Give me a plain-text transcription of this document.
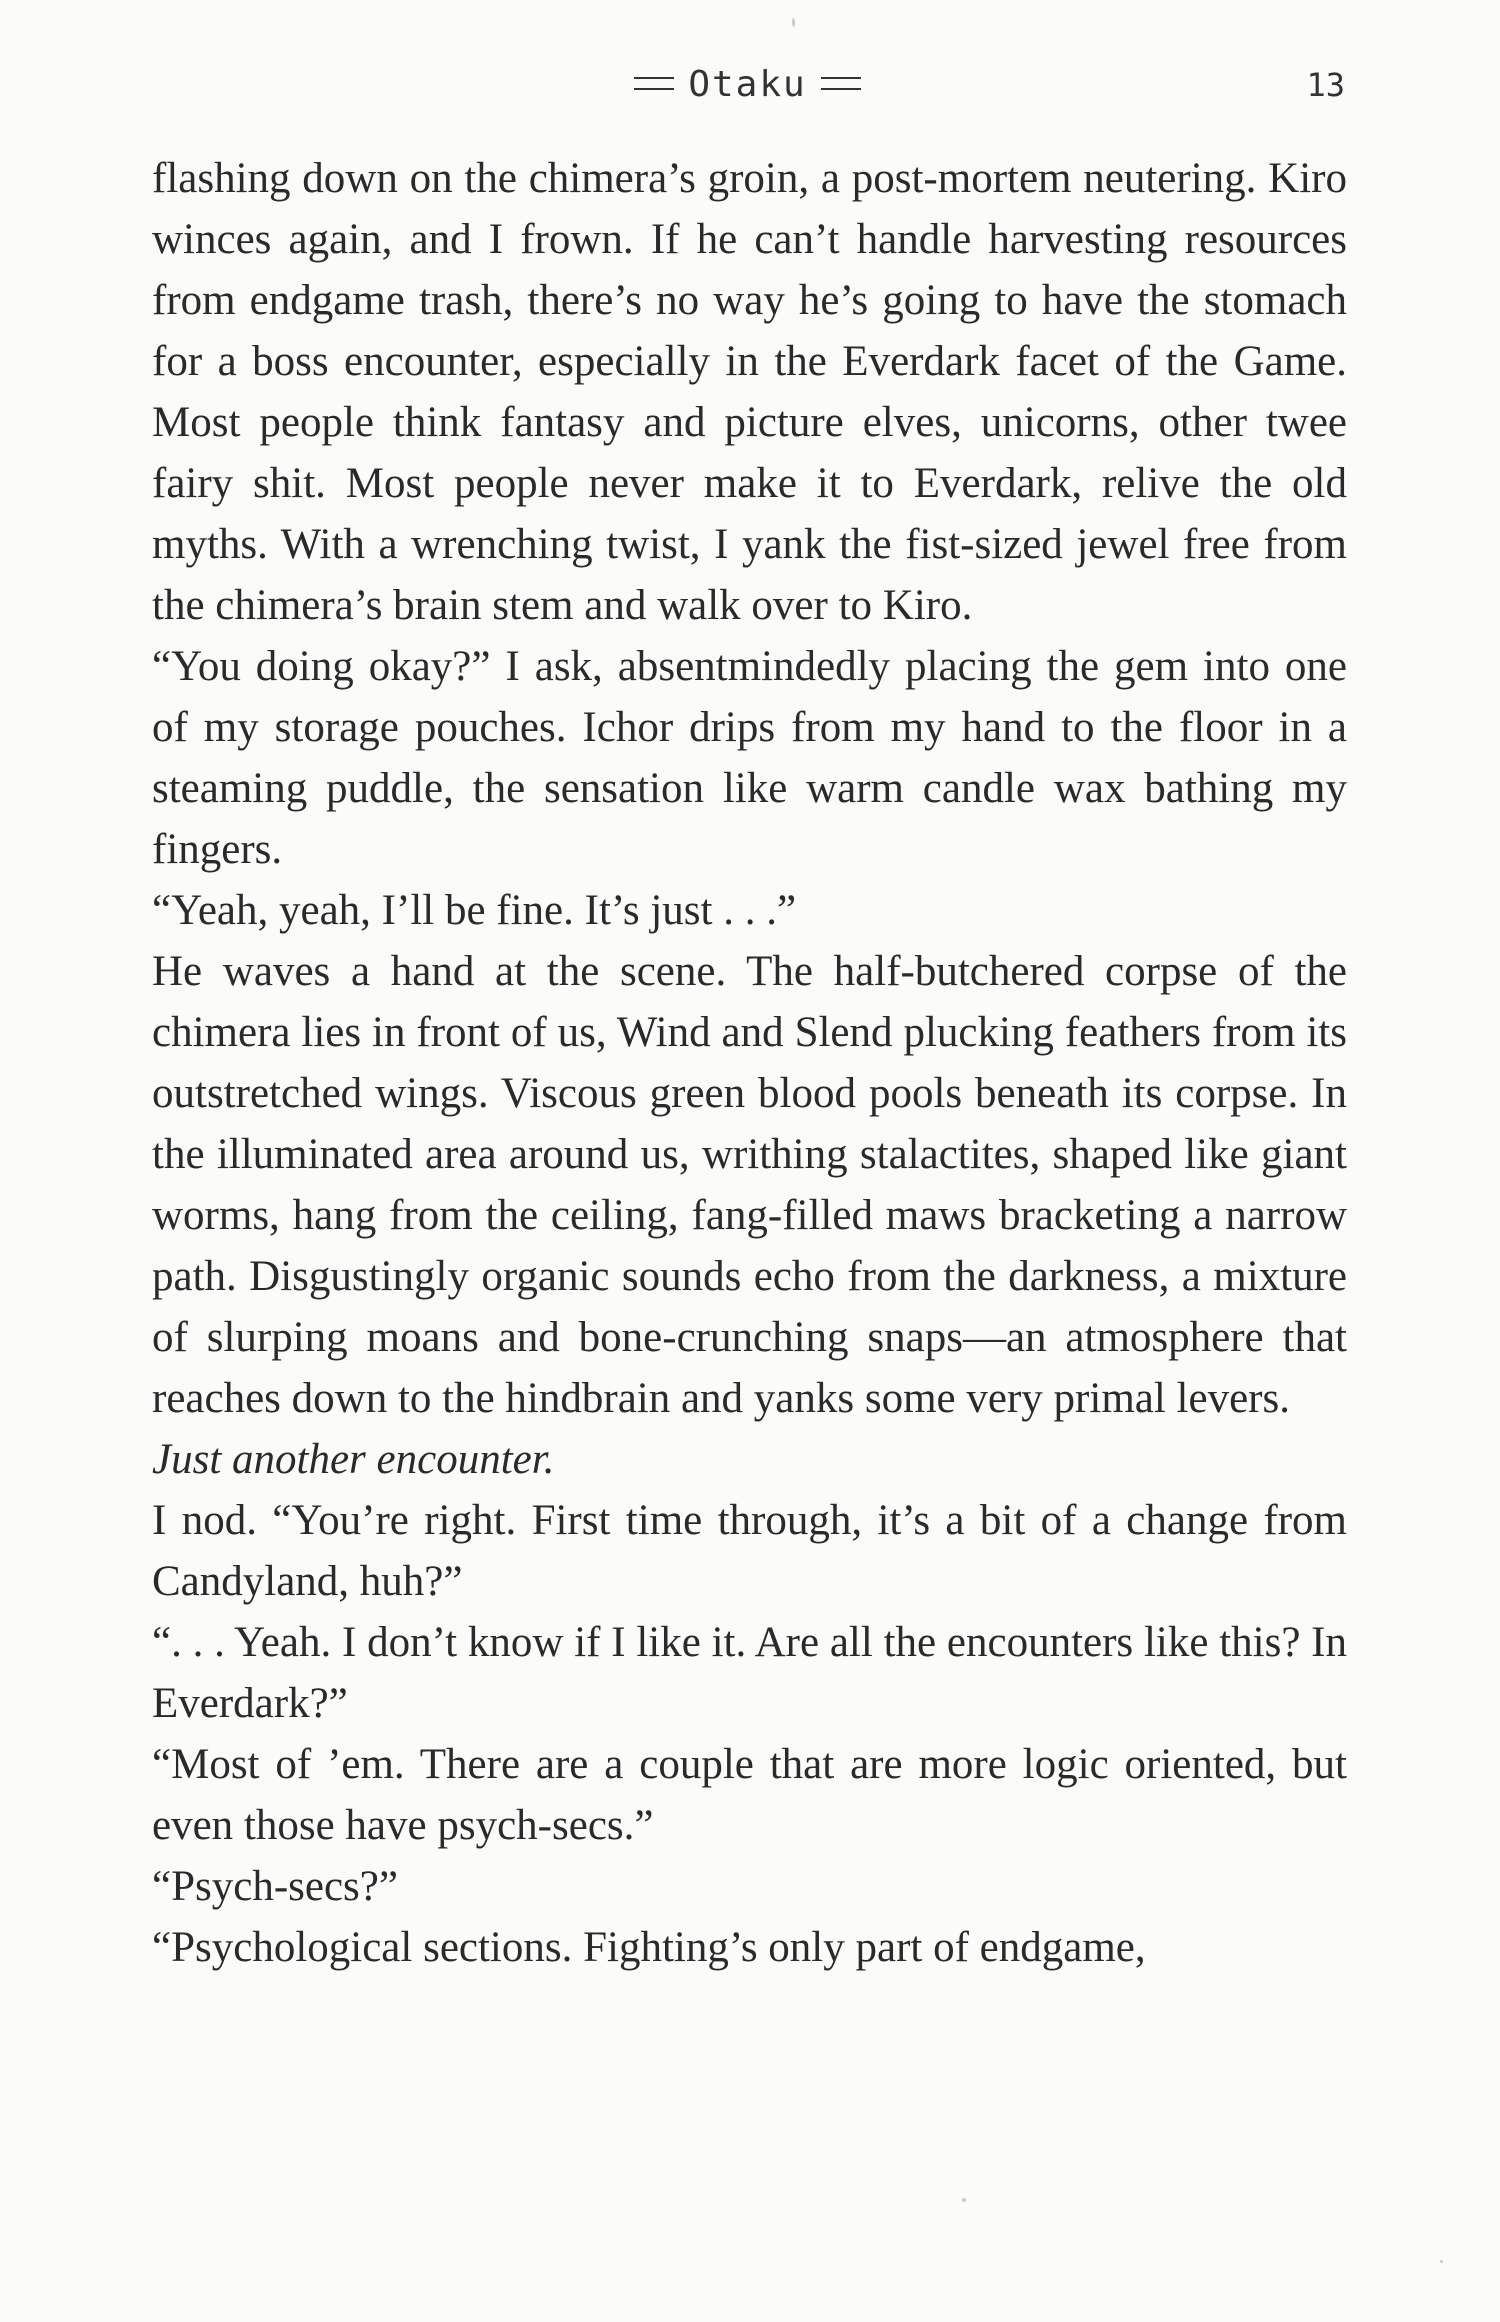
Otaku	13

flashing down on the chimera’s groin, a post-mortem neutering. Kiro winces again, and I frown. If he can’t handle harvesting resources from endgame trash, there’s no way he’s going to have the stomach for a boss encounter, especially in the Everdark facet of the Game. Most people think fantasy and picture elves, unicorns, other twee fairy shit. Most people never make it to Everdark, relive the old myths. With a wrenching twist, I yank the fist-sized jewel free from the chimera’s brain stem and walk over to Kiro.

“You doing okay?” I ask, absentmindedly placing the gem into one of my storage pouches. Ichor drips from my hand to the floor in a steaming puddle, the sensation like warm candle wax bathing my fingers.

“Yeah, yeah, I’ll be fine. It’s just . . .”

He waves a hand at the scene. The half-butchered corpse of the chimera lies in front of us, Wind and Slend plucking feathers from its outstretched wings. Viscous green blood pools beneath its corpse. In the illuminated area around us, writhing stalactites, shaped like giant worms, hang from the ceiling, fang-filled maws bracketing a narrow path. Disgustingly organic sounds echo from the darkness, a mixture of slurping moans and bone-crunching snaps—an atmosphere that reaches down to the hindbrain and yanks some very primal levers.

Just another encounter.

I nod. “You’re right. First time through, it’s a bit of a change from Candyland, huh?”

“. . . Yeah. I don’t know if I like it. Are all the encounters like this? In Everdark?”

“Most of ’em. There are a couple that are more logic oriented, but even those have psych-secs.”

“Psych-secs?”

“Psychological sections. Fighting’s only part of endgame,
